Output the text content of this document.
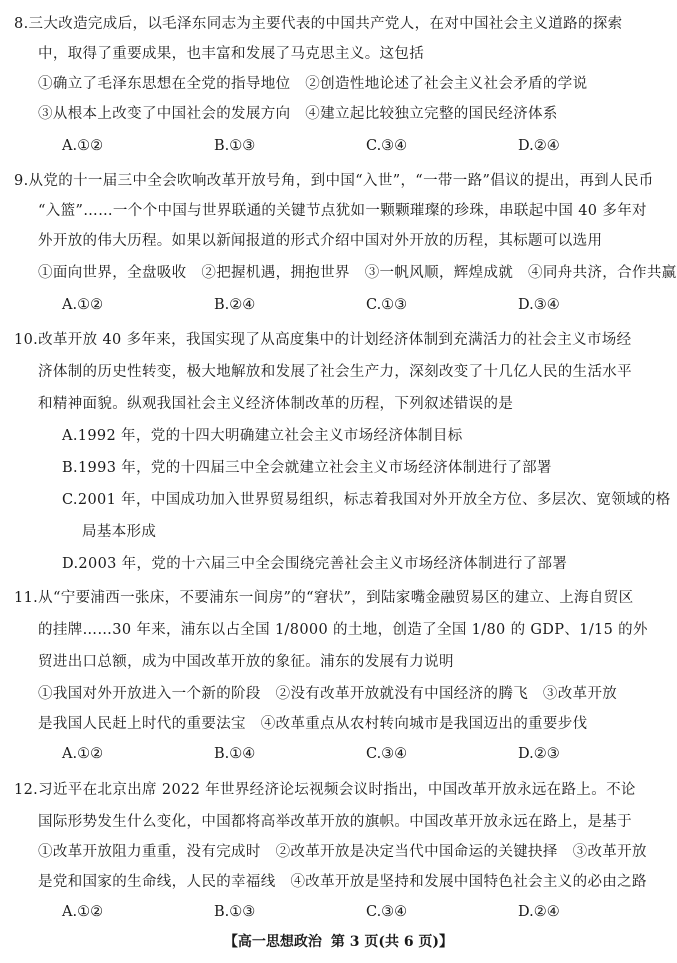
8.三大改造完成后，以毛泽东同志为主要代表的中国共产党人，在对中国社会主义道路的探索
中，取得了重要成果，也丰富和发展了马克思主义。这包括
①确立了毛泽东思想在全党的指导地位　②创造性地论述了社会主义社会矛盾的学说
③从根本上改变了中国社会的发展方向　④建立起比较独立完整的国民经济体系
A.①②	B.①③	C.③④	D.②④
9.从党的十一届三中全会吹响改革开放号角，到中国“入世”，“一带一路”倡议的提出，再到人民币
“入篮”……一个个中国与世界联通的关键节点犹如一颗颗璀璨的珍珠，串联起中国 40 多年对
外开放的伟大历程。如果以新闻报道的形式介绍中国对外开放的历程，其标题可以选用
①面向世界，全盘吸收　②把握机遇，拥抱世界　③一帆风顺，辉煌成就　④同舟共济，合作共赢
A.①②	B.②④	C.①③	D.③④
10.改革开放 40 多年来，我国实现了从高度集中的计划经济体制到充满活力的社会主义市场经
济体制的历史性转变，极大地解放和发展了社会生产力，深刻改变了十几亿人民的生活水平
和精神面貌。纵观我国社会主义经济体制改革的历程，下列叙述错误的是
A.1992 年，党的十四大明确建立社会主义市场经济体制目标
B.1993 年，党的十四届三中全会就建立社会主义市场经济体制进行了部署
C.2001 年，中国成功加入世界贸易组织，标志着我国对外开放全方位、多层次、宽领域的格
局基本形成
D.2003 年，党的十六届三中全会围绕完善社会主义市场经济体制进行了部署
11.从“宁要浦西一张床，不要浦东一间房”的“窘状”，到陆家嘴金融贸易区的建立、上海自贸区
的挂牌……30 年来，浦东以占全国 1/8000 的土地，创造了全国 1/80 的 GDP、1/15 的外
贸进出口总额，成为中国改革开放的象征。浦东的发展有力说明
①我国对外开放进入一个新的阶段　②没有改革开放就没有中国经济的腾飞　③改革开放
是我国人民赶上时代的重要法宝　④改革重点从农村转向城市是我国迈出的重要步伐
A.①②	B.①④	C.③④	D.②③
12.习近平在北京出席 2022 年世界经济论坛视频会议时指出，中国改革开放永远在路上。不论
国际形势发生什么变化，中国都将高举改革开放的旗帜。中国改革开放永远在路上，是基于
①改革开放阻力重重，没有完成时　②改革开放是决定当代中国命运的关键抉择　③改革开放
是党和国家的生命线，人民的幸福线　④改革开放是坚持和发展中国特色社会主义的必由之路
A.①②	B.①③	C.③④	D.②④
【高一思想政治 第 3 页(共 6 页)】
